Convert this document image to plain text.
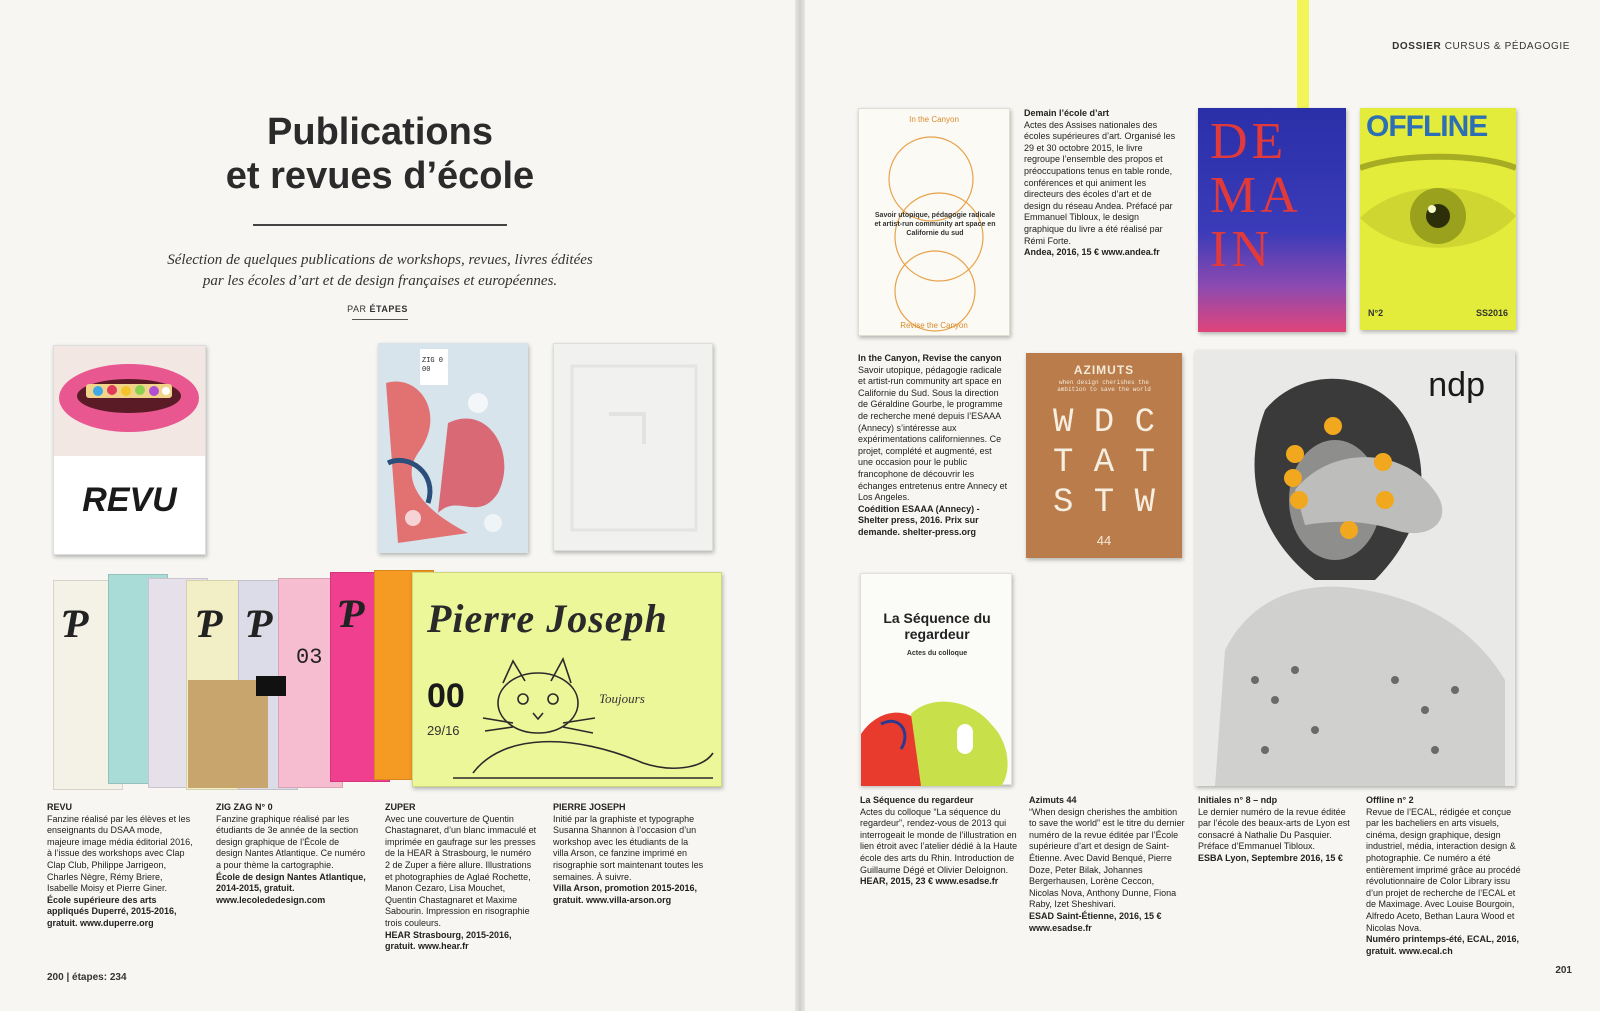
Publications
et revues d’école
Sélection de quelques publications de workshops, revues, livres éditées
par les écoles d’art et de design françaises et européennes.
PAR ÉTAPES
REVU
ZIG 000
03
Ƥ	Ƥ Ƥ Ƥ Pierre Joseph
00
29/16
Toujours
REVU
Fanzine réalisé par les élèves et les enseignants du DSAA mode, majeure image média éditorial 2016, à l’issue des workshops avec Clap Clap Club, Philippe Jarrigeon, Charles Nègre, Rémy Briere, Isabelle Moisy et Pierre Giner.
École supérieure des arts appliqués Duperré, 2015-2016, gratuit. www.duperre.org
ZIG ZAG N° 0
Fanzine graphique réalisé par les étudiants de 3e année de la section design graphique de l’École de design Nantes Atlantique. Ce numéro a pour thème la cartographie.
École de design Nantes Atlantique, 2014-2015, gratuit. www.lecolededesign.com
ZUPER
Avec une couverture de Quentin Chastagnaret, d’un blanc immaculé et imprimée en gaufrage sur les presses de la HEAR à Strasbourg, le numéro 2 de Zuper a fière allure. Illustrations et photographies de Aglaé Rochette, Manon Cezaro, Lisa Mouchet, Quentin Chastagnaret et Maxime Sabourin. Impression en risographie trois couleurs.
HEAR Strasbourg, 2015-2016, gratuit. www.hear.fr
PIERRE JOSEPH
Initié par la graphiste et typographe Susanna Shannon à l’occasion d’un workshop avec les étudiants de la villa Arson, ce fanzine imprimé en risographie sort maintenant toutes les semaines. À suivre.
Villa Arson, promotion 2015-2016, gratuit. www.villa-arson.org
200 | étapes: 234
DOSSIER CURSUS & PÉDAGOGIE
In the Canyon
Savoir utopique, pédagogie radicale et artist-run community art space en Californie du sud
Revise the Canyon
Demain l’école d’art
Actes des Assises nationales des écoles supérieures d’art. Organisé les 29 et 30 octobre 2015, le livre regroupe l’ensemble des propos et préoccupations tenus en table ronde, conférences et qui animent les directeurs des écoles d’art et de design du réseau Andea. Préfacé par Emmanuel Tibloux, le design graphique du livre a été réalisé par Rémi Forte.
Andea, 2016, 15 € www.andea.fr
DE
MA
IN
OFFLINE
N°2	SS2016
In the Canyon, Revise the canyon
Savoir utopique, pédagogie radicale et artist-run community art space en Californie du Sud. Sous la direction de Géraldine Gourbe, le programme de recherche mené depuis l’ESAAA (Annecy) s’intéresse aux expérimentations californiennes. Ce projet, complété et augmenté, est une occasion pour le public francophone de découvrir les échanges entretenus entre Annecy et Los Angeles.
Coédition ESAAA (Annecy) - Shelter press, 2016. Prix sur demande. shelter-press.org
AZIMUTS
when design cherishes the ambition to save the world
W D C
T A T
S T W
44
ndp
La Séquence du regardeur
Actes du colloque
La Séquence du regardeur
Actes du colloque “La séquence du regardeur”, rendez-vous de 2013 qui interrogeait le monde de l’illustration en lien étroit avec l’atelier dédié à la Haute école des arts du Rhin. Introduction de Guillaume Dégé et Olivier Deloignon.
HEAR, 2015, 23 € www.esadse.fr
Azimuts 44
“When design cherishes the ambition to save the world” est le titre du dernier numéro de la revue éditée par l’École supérieure d’art et design de Saint-Étienne. Avec David Benqué, Pierre Doze, Peter Bilak, Johannes Bergerhausen, Lorène Ceccon, Nicolas Nova, Anthony Dunne, Fiona Raby, Izet Sheshivari.
ESAD Saint-Étienne, 2016, 15 € www.esadse.fr
Initiales n° 8 – ndp
Le dernier numéro de la revue éditée par l’école des beaux-arts de Lyon est consacré à Nathalie Du Pasquier. Préface d’Emmanuel Tibloux.
ESBA Lyon, Septembre 2016, 15 €
Offline n° 2
Revue de l’ECAL, rédigée et conçue par les bacheliers en arts visuels, cinéma, design graphique, design industriel, média, interaction design & photographie. Ce numéro a été entièrement imprimé grâce au procédé révolutionnaire de Color Library issu d’un projet de recherche de l’ECAL et de Maximage. Avec Louise Bourgoin, Alfredo Aceto, Bethan Laura Wood et Nicolas Nova.
Numéro printemps-été, ECAL, 2016, gratuit. www.ecal.ch
201
